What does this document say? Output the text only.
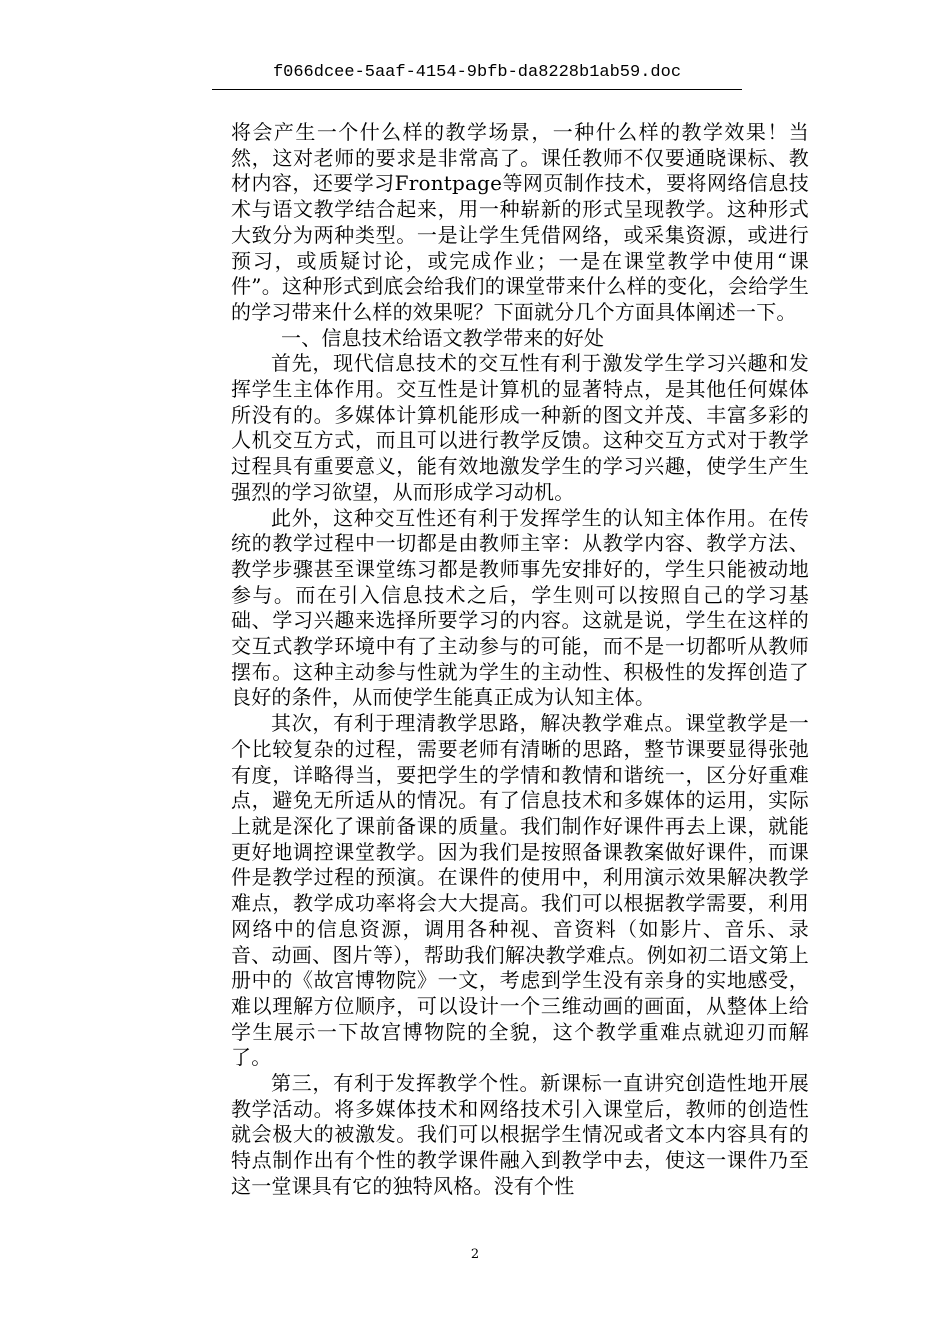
f066dcee-5aaf-4154-9bfb-da8228b1ab59.doc

将会产生一个什么样的教学场景，一种什么样的教学效果！当然，这对老师的要求是非常高了。课任教师不仅要通晓课标、教材内容，还要学习Frontpage等网页制作技术，要将网络信息技术与语文教学结合起来，用一种崭新的形式呈现教学。这种形式大致分为两种类型。一是让学生凭借网络，或采集资源，或进行预习，或质疑讨论，或完成作业；一是在课堂教学中使用“课件”。这种形式到底会给我们的课堂带来什么样的变化，会给学生的学习带来什么样的效果呢？下面就分几个方面具体阐述一下。

一、信息技术给语文教学带来的好处

首先，现代信息技术的交互性有利于激发学生学习兴趣和发挥学生主体作用。交互性是计算机的显著特点，是其他任何媒体所没有的。多媒体计算机能形成一种新的图文并茂、丰富多彩的人机交互方式，而且可以进行教学反馈。这种交互方式对于教学过程具有重要意义，能有效地激发学生的学习兴趣，使学生产生强烈的学习欲望，从而形成学习动机。

此外，这种交互性还有利于发挥学生的认知主体作用。在传统的教学过程中一切都是由教师主宰：从教学内容、教学方法、教学步骤甚至课堂练习都是教师事先安排好的，学生只能被动地参与。而在引入信息技术之后，学生则可以按照自己的学习基础、学习兴趣来选择所要学习的内容。这就是说，学生在这样的交互式教学环境中有了主动参与的可能，而不是一切都听从教师摆布。这种主动参与性就为学生的主动性、积极性的发挥创造了良好的条件，从而使学生能真正成为认知主体。

其次，有利于理清教学思路，解决教学难点。课堂教学是一个比较复杂的过程，需要老师有清晰的思路，整节课要显得张弛有度，详略得当，要把学生的学情和教情和谐统一，区分好重难点，避免无所适从的情况。有了信息技术和多媒体的运用，实际上就是深化了课前备课的质量。我们制作好课件再去上课，就能更好地调控课堂教学。因为我们是按照备课教案做好课件，而课件是教学过程的预演。在课件的使用中，利用演示效果解决教学难点，教学成功率将会大大提高。我们可以根据教学需要，利用网络中的信息资源，调用各种视、音资料（如影片、音乐、录音、动画、图片等），帮助我们解决教学难点。例如初二语文第上册中的《故宫博物院》一文，考虑到学生没有亲身的实地感受，难以理解方位顺序，可以设计一个三维动画的画面，从整体上给学生展示一下故宫博物院的全貌，这个教学重难点就迎刃而解了。

第三，有利于发挥教学个性。新课标一直讲究创造性地开展教学活动。将多媒体技术和网络技术引入课堂后，教师的创造性就会极大的被激发。我们可以根据学生情况或者文本内容具有的特点制作出有个性的教学课件融入到教学中去，使这一课件乃至这一堂课具有它的独特风格。没有个性

2
